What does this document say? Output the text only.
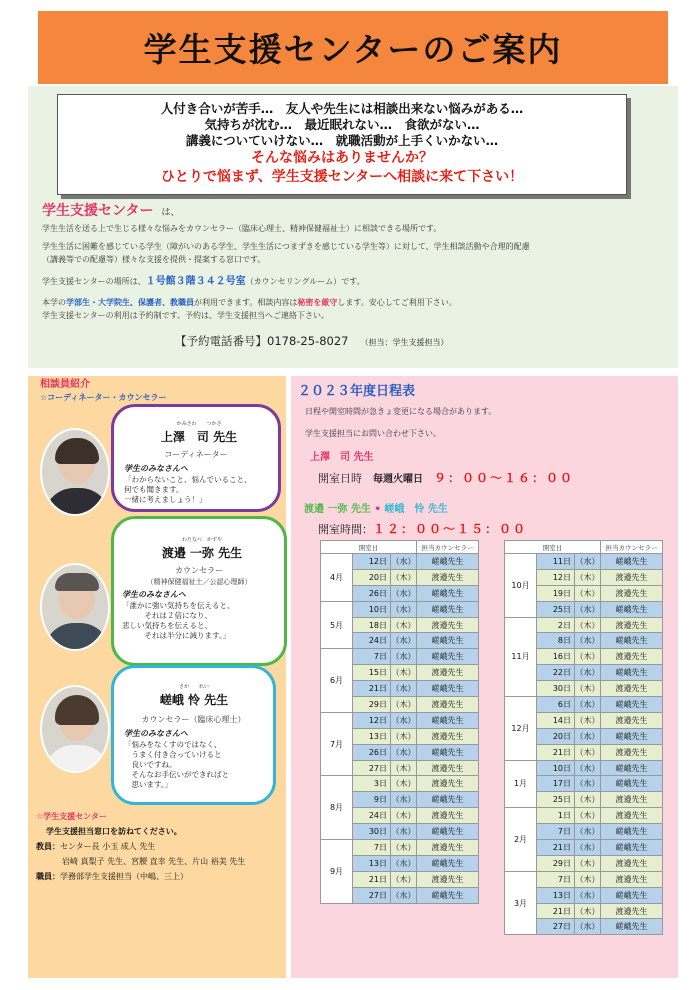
学生支援センターのご案内
人付き合いが苦手…　友人や先生には相談出来ない悩みがある…
気持ちが沈む…　最近眠れない…　食欲がない…
講義についていけない…　就職活動が上手くいかない…
そんな悩みはありませんか？
ひとりで悩まず、学生支援センターへ相談に来て下さい！
学生支援センター は、
学生生活を送る上で生じる様々な悩みをカウンセラー（臨床心理士、精神保健福祉士）に相談できる場所です。
学生生活に困難を感じている学生（障がいのある学生、学生生活につまずきを感じている学生等）に対して、学生相談活動や合理的配慮
（講義等での配慮等）様々な支援を提供・提案する窓口です。
学生支援センターの場所は、１号館３階３４２号室（カウンセリングルーム）です。
本学の学部生・大学院生、保護者、教職員が利用できます。相談内容は秘密を厳守します。安心してご利用下さい。
学生支援センターの利用は予約制です。予約は、学生支援担当へご連絡下さい。
【予約電話番号】0178-25-8027 （担当：学生支援担当）
相談員紹介
☆コーディネーター・カウンセラー
かみさわ　　つかさ
上澤　司 先生
コーディネーター
学生のみなさんへ
「わからないこと、悩んでいること、
何でも聞きます。
一緒に考えましょう！」
わたなべ　かずや
渡邉 一弥 先生
カウンセラー
（精神保健福祉士／公認心理師）
学生のみなさんへ
「誰かに強い気持ちを伝えると、
　　　それは２倍になり、
悲しい気持ちを伝えると、
　　　それは半分に減ります。」
さが　　れい
嵯峨 怜 先生
カウンセラー（臨床心理士）
学生のみなさんへ
「悩みをなくすのではなく、
　うまく付き合っていけると
　良いですね。
　そんなお手伝いができればと
　思います。」
☆学生支援センター
学生支援担当窓口を訪ねてください。
教員：センター長 小玉 成人 先生
岩崎 真梨子 先生、宮腰 直幸 先生、片山 裕美 先生
職員：学務部学生支援担当（中嶋、三上）
２０２３年度日程表
日程や開室時間が急きょ変更になる場合があります。
学生支援担当にお問い合わせ下さい。
上澤　司 先生
開室日時　 毎週火曜日　 ９：００～１６：００
渡邉 一弥 先生 • 嵯峨　怜 先生
開室時間：１２：００～１５：００
開室日			担当カウンセラー
4月	12日	（水）	嵯峨先生
	20日	（木）	渡邉先生
	26日	（水）	嵯峨先生
5月	10日	（水）	嵯峨先生
	18日	（木）	渡邉先生
	24日	（水）	嵯峨先生
6月	7日	（水）	嵯峨先生
	15日	（木）	渡邉先生
	21日	（水）	嵯峨先生
	29日	（木）	渡邉先生
7月	12日	（水）	嵯峨先生
	13日	（木）	渡邉先生
	26日	（水）	嵯峨先生
	27日	（木）	渡邉先生
8月	3日	（木）	渡邉先生
	9日	（水）	嵯峨先生
	24日	（木）	渡邉先生
	30日	（水）	嵯峨先生
9月	7日	（木）	渡邉先生
	13日	（水）	嵯峨先生
	21日	（木）	渡邉先生
	27日	（水）	嵯峨先生
開室日			担当カウンセラー
10月	11日	（水）	嵯峨先生
	12日	（木）	渡邉先生
	19日	（木）	渡邉先生
	25日	（水）	嵯峨先生
11月	2日	（木）	渡邉先生
	8日	（水）	嵯峨先生
	16日	（木）	渡邉先生
	22日	（水）	嵯峨先生
	30日	（木）	渡邉先生
12月	6日	（水）	嵯峨先生
	14日	（木）	渡邉先生
	20日	（水）	嵯峨先生
	21日	（木）	渡邉先生
1月	10日	（水）	嵯峨先生
	17日	（水）	嵯峨先生
	25日	（木）	渡邉先生
2月	1日	（木）	渡邉先生
	7日	（水）	嵯峨先生
	21日	（水）	嵯峨先生
	29日	（木）	渡邉先生
3月	7日	（木）	渡邉先生
	13日	（水）	嵯峨先生
	21日	（木）	渡邉先生
	27日	（水）	嵯峨先生
